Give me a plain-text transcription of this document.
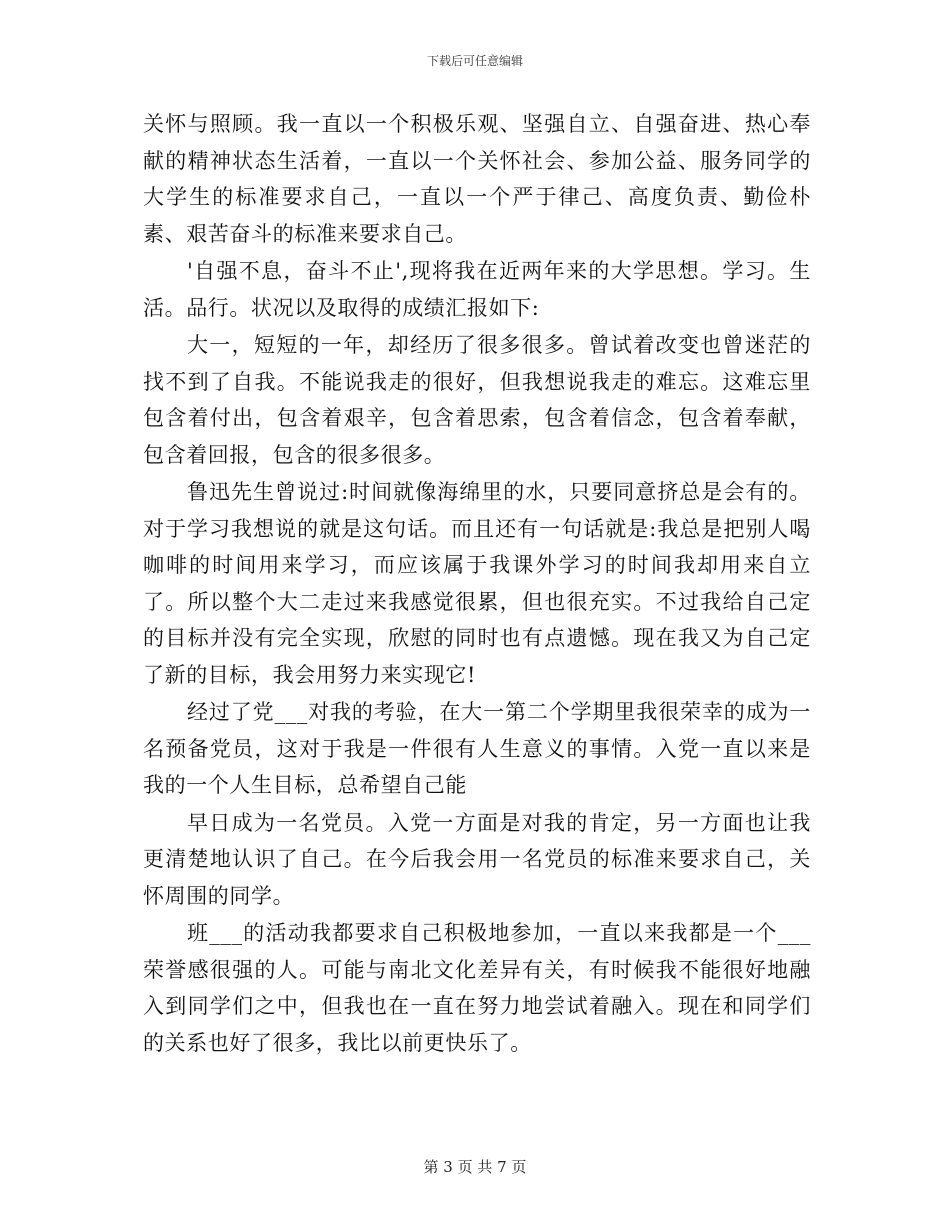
下载后可任意编辑

关怀与照顾。我一直以一个积极乐观、坚强自立、自强奋进、热心奉献的精神状态生活着，一直以一个关怀社会、参加公益、服务同学的大学生的标准要求自己，一直以一个严于律己、高度负责、勤俭朴素、艰苦奋斗的标准来要求自己。

'自强不息，奋斗不止',现将我在近两年来的大学思想。学习。生活。品行。状况以及取得的成绩汇报如下:

大一，短短的一年，却经历了很多很多。曾试着改变也曾迷茫的找不到了自我。不能说我走的很好，但我想说我走的难忘。这难忘里包含着付出，包含着艰辛，包含着思索，包含着信念，包含着奉献，包含着回报，包含的很多很多。

鲁迅先生曾说过:时间就像海绵里的水，只要同意挤总是会有的。对于学习我想说的就是这句话。而且还有一句话就是:我总是把别人喝咖啡的时间用来学习，而应该属于我课外学习的时间我却用来自立了。所以整个大二走过来我感觉很累，但也很充实。不过我给自己定的目标并没有完全实现，欣慰的同时也有点遗憾。现在我又为自己定了新的目标，我会用努力来实现它!

经过了党___对我的考验，在大一第二个学期里我很荣幸的成为一名预备党员，这对于我是一件很有人生意义的事情。入党一直以来是我的一个人生目标，总希望自己能

早日成为一名党员。入党一方面是对我的肯定，另一方面也让我更清楚地认识了自己。在今后我会用一名党员的标准来要求自己，关怀周围的同学。

班___的活动我都要求自己积极地参加，一直以来我都是一个___荣誉感很强的人。可能与南北文化差异有关，有时候我不能很好地融入到同学们之中，但我也在一直在努力地尝试着融入。现在和同学们的关系也好了很多，我比以前更快乐了。

第 3 页 共 7 页
